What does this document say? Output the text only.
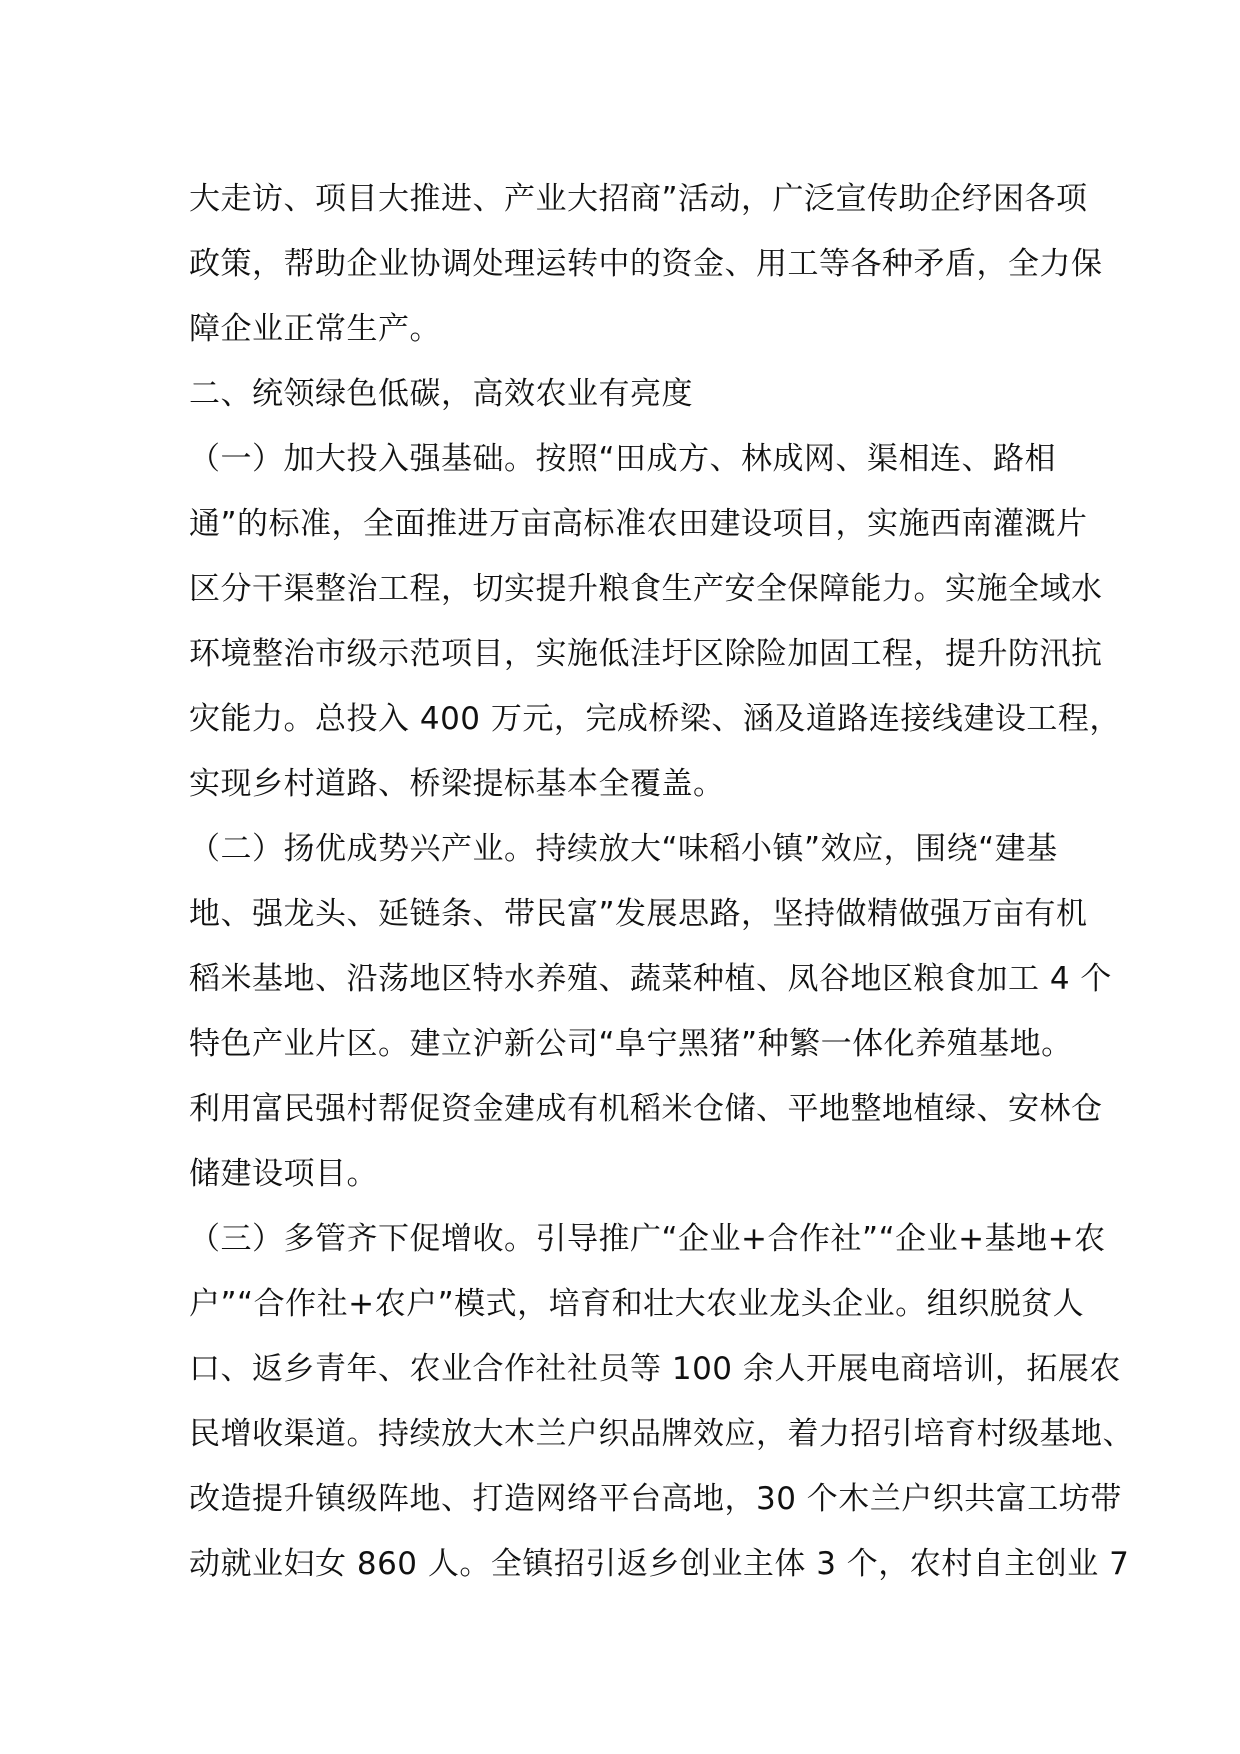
大走访、项目大推进、产业大招商”活动，广泛宣传助企纾困各项
政策，帮助企业协调处理运转中的资金、用工等各种矛盾，全力保
障企业正常生产。
二、统领绿色低碳，高效农业有亮度
（一）加大投入强基础。按照“田成方、林成网、渠相连、路相
通”的标准，全面推进万亩高标准农田建设项目，实施西南灌溉片
区分干渠整治工程，切实提升粮食生产安全保障能力。实施全域水
环境整治市级示范项目，实施低洼圩区除险加固工程，提升防汛抗
灾能力。总投入 400 万元，完成桥梁、涵及道路连接线建设工程，
实现乡村道路、桥梁提标基本全覆盖。
（二）扬优成势兴产业。持续放大“味稻小镇”效应，围绕“建基
地、强龙头、延链条、带民富”发展思路，坚持做精做强万亩有机
稻米基地、沿荡地区特水养殖、蔬菜种植、凤谷地区粮食加工 4 个
特色产业片区。建立沪新公司“阜宁黑猪”种繁一体化养殖基地。
利用富民强村帮促资金建成有机稻米仓储、平地整地植绿、安林仓
储建设项目。
（三）多管齐下促增收。引导推广“企业+合作社”“企业+基地+农
户”“合作社+农户”模式，培育和壮大农业龙头企业。组织脱贫人
口、返乡青年、农业合作社社员等 100 余人开展电商培训，拓展农
民增收渠道。持续放大木兰户织品牌效应，着力招引培育村级基地、
改造提升镇级阵地、打造网络平台高地，30 个木兰户织共富工坊带
动就业妇女 860 人。全镇招引返乡创业主体 3 个，农村自主创业 7
